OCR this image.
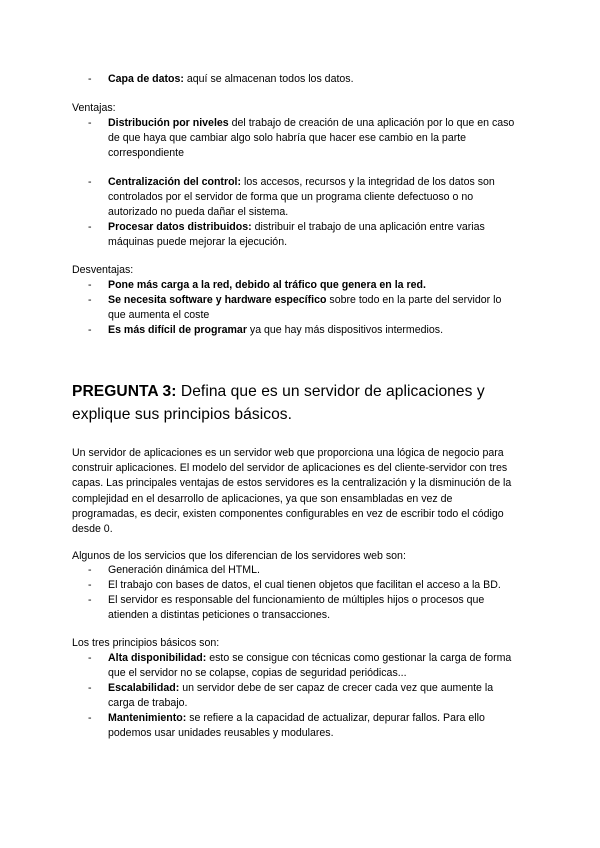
- Capa de datos: aquí se almacenan todos los datos.
Ventajas:
- Distribución por niveles del trabajo de creación de una aplicación por lo que en caso de que haya que cambiar algo solo habría que hacer ese cambio en la parte correspondiente
- Centralización del control: los accesos, recursos y la integridad de los datos son controlados por el servidor de forma que un programa cliente defectuoso o no autorizado no pueda dañar el sistema.
- Procesar datos distribuidos: distribuir el trabajo de una aplicación entre varias máquinas puede mejorar la ejecución.
Desventajas:
- Pone más carga a la red, debido al tráfico que genera en la red.
- Se necesita software y hardware específico sobre todo en la parte del servidor lo que aumenta el coste
- Es más difícil de programar ya que hay más dispositivos intermedios.
PREGUNTA 3: Defina que es un servidor de aplicaciones y explique sus principios básicos.
Un servidor de aplicaciones es un servidor web que proporciona una lógica de negocio para construir aplicaciones. El modelo del servidor de aplicaciones es del cliente-servidor con tres capas. Las principales ventajas de estos servidores es la centralización y la disminución de la complejidad en el desarrollo de aplicaciones, ya que son ensambladas en vez de programadas, es decir, existen componentes configurables en vez de escribir todo el código desde 0.
Algunos de los servicios que los diferencian de los servidores web son:
- Generación dinámica del HTML.
- El trabajo con bases de datos, el cual tienen objetos que facilitan el acceso a la BD.
- El servidor es responsable del funcionamiento de múltiples hijos o procesos que atienden a distintas peticiones o transacciones.
Los tres principios básicos son:
- Alta disponibilidad: esto se consigue con técnicas como gestionar la carga de forma que el servidor no se colapse, copias de seguridad periódicas...
- Escalabilidad: un servidor debe de ser capaz de crecer cada vez que aumente la carga de trabajo.
- Mantenimiento: se refiere a la capacidad de actualizar, depurar fallos. Para ello podemos usar unidades reusables y modulares.
